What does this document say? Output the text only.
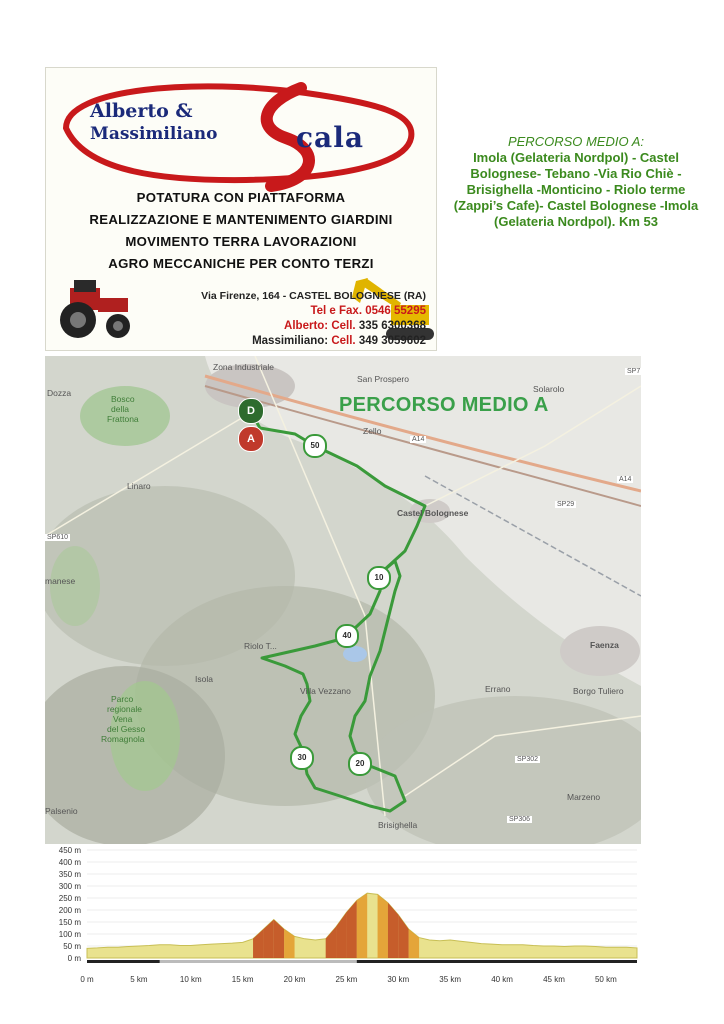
Alberto &
Massimiliano	cala
POTATURA CON PIATTAFORMA
REALIZZAZIONE E MANTENIMENTO GIARDINI
MOVIMENTO TERRA LAVORAZIONI
AGRO MECCANICHE PER CONTO TERZI
Via Firenze, 164 - CASTEL BOLOGNESE (RA)
Tel e Fax. 0546 55295
Alberto: Cell. 335 6300368
Massimiliano: Cell. 349 3059602
PERCORSO MEDIO A:
Imola (Gelateria Nordpol) - Castel Bolognese- Tebano -Via Rio Chiè - Brisighella -Monticino - Riolo terme (Zappi’s Cafe)- Castel Bolognese -Imola (Gelateria Nordpol). Km 53
PERCORSO MEDIO A
D
A
50
10
40
30
20
Zona Industriale
San Prospero
Solarolo
Dozza
Bosco
della
Frattona
Zello
Linaro
Castel Bolognese
manese
Riolo T...	Faenza
Isola
Villa Vezzano
Parco
regionale
Vena
del Gesso
Romagnola
Errano	Borgo Tuliero
Marzeno
Palsenio
Brisighella
A14
A14
SP29
SP7
SP610
SP306
SP302
450 m
400 m
350 m
300 m
250 m
200 m
150 m
100 m
50 m
0 m
0 m	5 km	10 km	15 km	20 km	25 km	30 km	35 km	40 km	45 km	50 km
